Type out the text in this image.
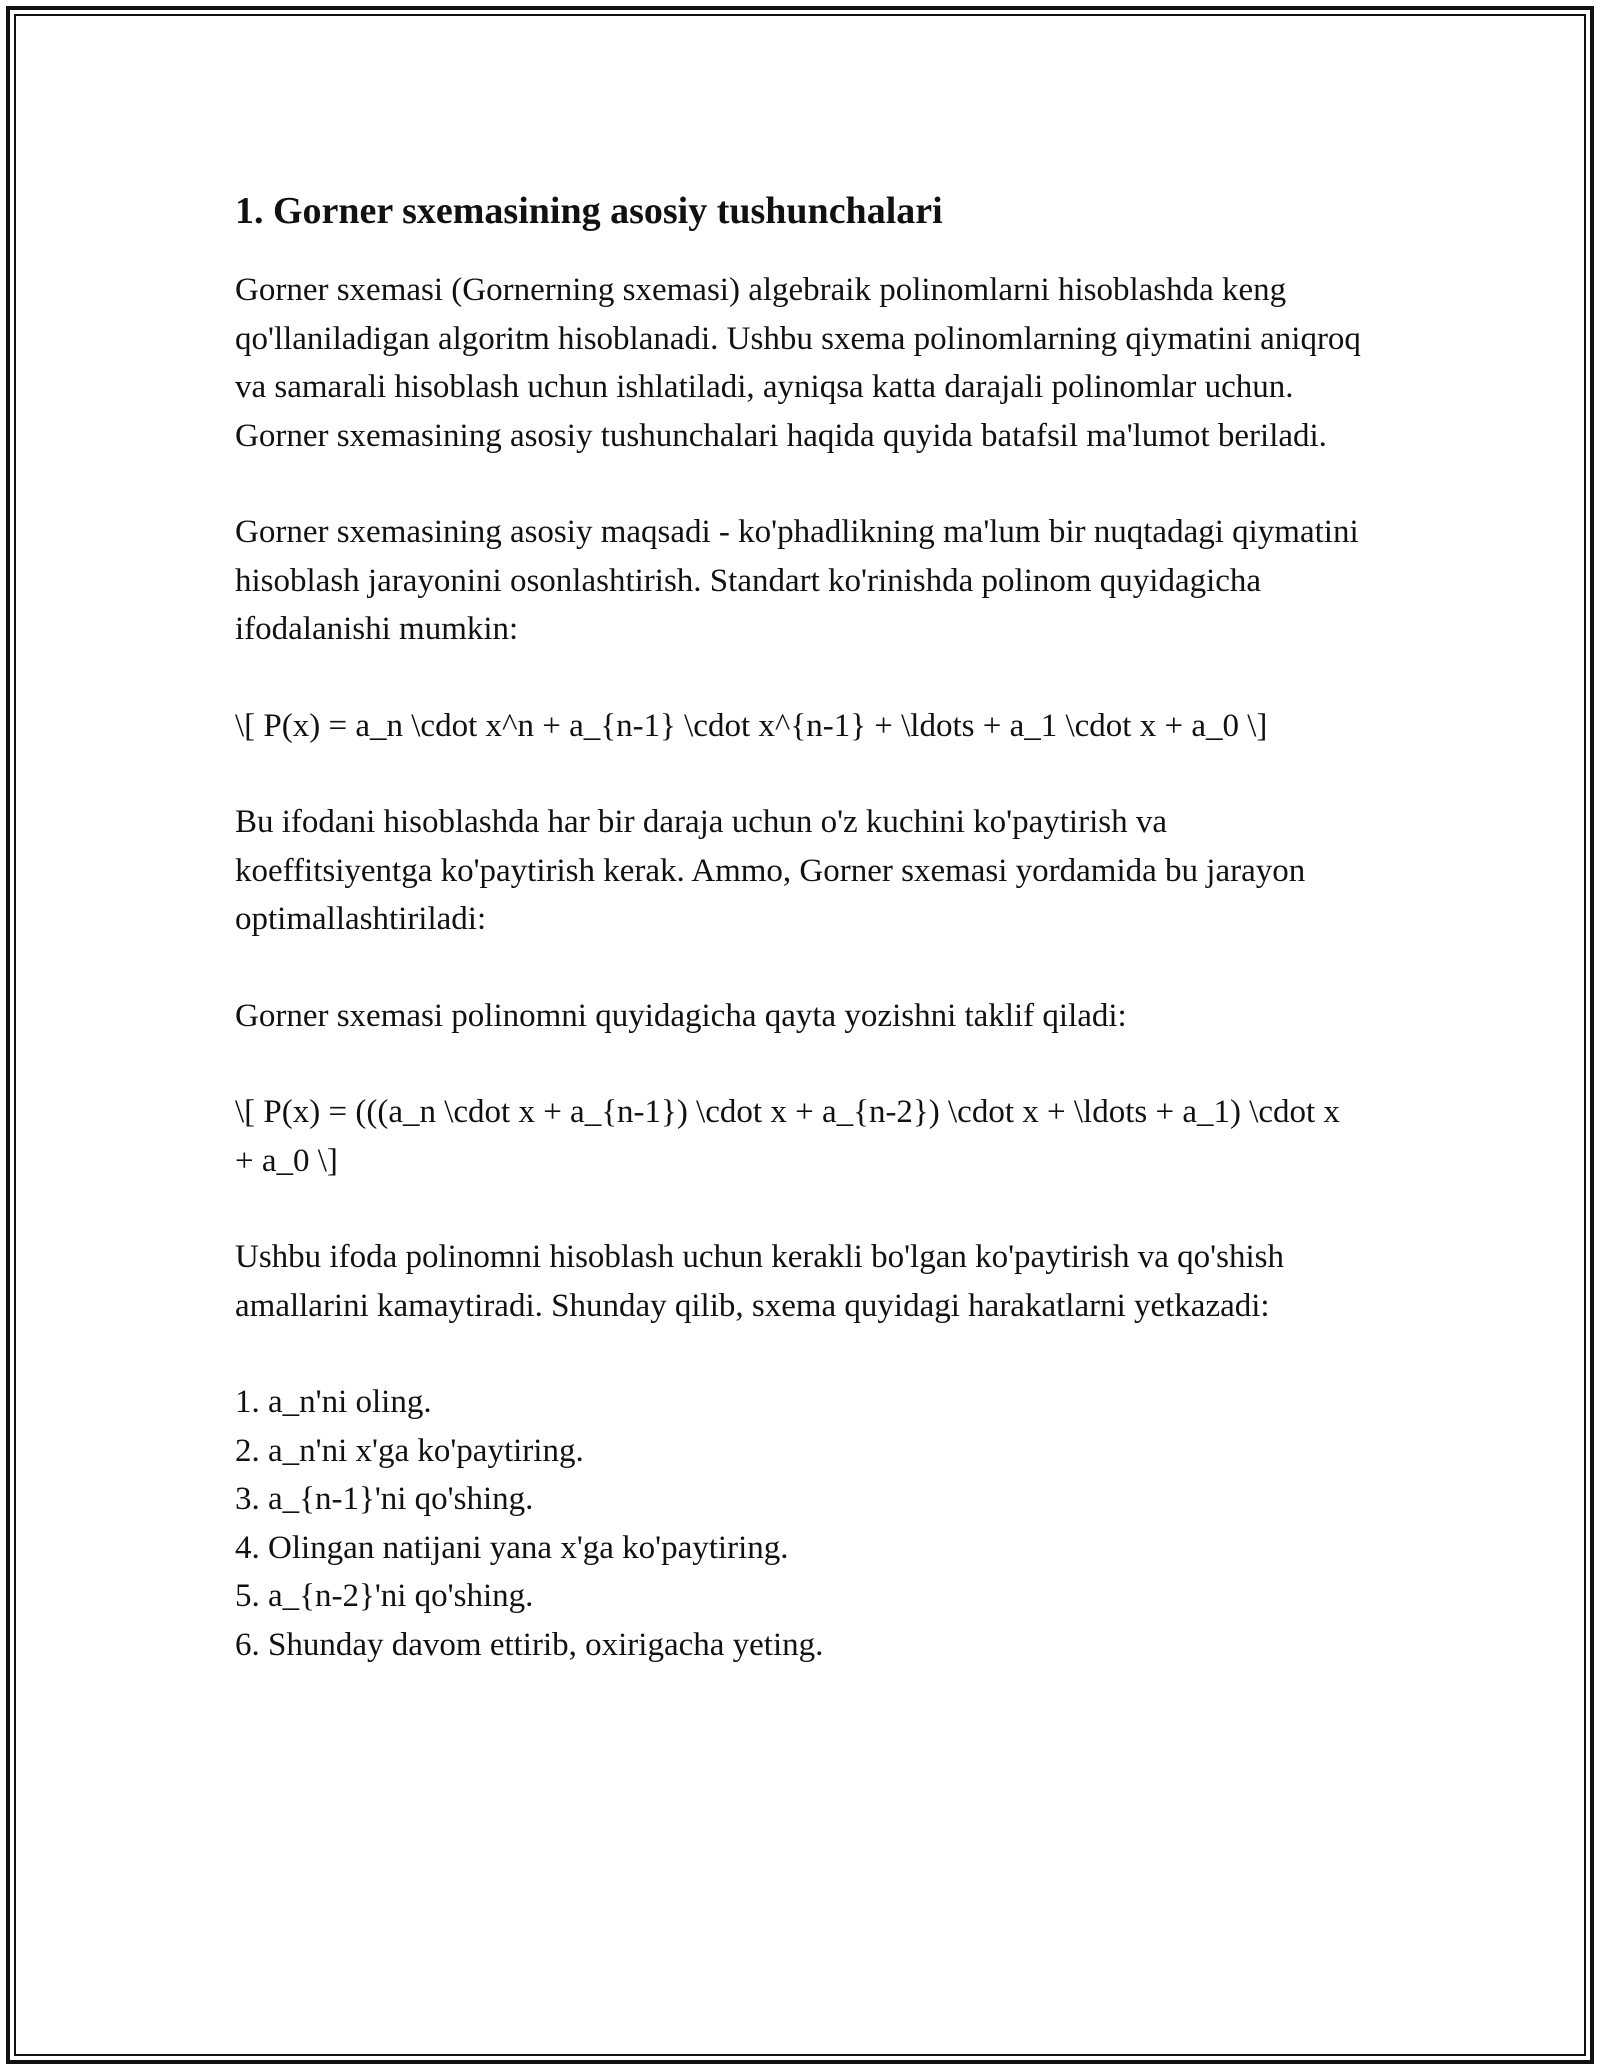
1. Gorner sxemasining asosiy tushunchalari

Gorner sxemasi (Gornerning sxemasi) algebraik polinomlarni hisoblashda keng qo'llaniladigan algoritm hisoblanadi. Ushbu sxema polinomlarning qiymatini aniqroq va samarali hisoblash uchun ishlatiladi, ayniqsa katta darajali polinomlar uchun. Gorner sxemasining asosiy tushunchalari haqida quyida batafsil ma'lumot beriladi.

Gorner sxemasining asosiy maqsadi - ko'phadlikning ma'lum bir nuqtadagi qiymatini hisoblash jarayonini osonlashtirish. Standart ko'rinishda polinom quyidagicha ifodalanishi mumkin:

\[ P(x) = a_n \cdot x^n + a_{n-1} \cdot x^{n-1} + \ldots + a_1 \cdot x + a_0 \]

Bu ifodani hisoblashda har bir daraja uchun o'z kuchini ko'paytirish va koeffitsiyentga ko'paytirish kerak. Ammo, Gorner sxemasi yordamida bu jarayon optimallashtiriladi:

Gorner sxemasi polinomni quyidagicha qayta yozishni taklif qiladi:

\[ P(x) = (((a_n \cdot x + a_{n-1}) \cdot x + a_{n-2}) \cdot x + \ldots + a_1) \cdot x + a_0 \]

Ushbu ifoda polinomni hisoblash uchun kerakli bo'lgan ko'paytirish va qo'shish amallarini kamaytiradi. Shunday qilib, sxema quyidagi harakatlarni yetkazadi:

1. a_n'ni oling.
2. a_n'ni x'ga ko'paytiring.
3. a_{n-1}'ni qo'shing.
4. Olingan natijani yana x'ga ko'paytiring.
5. a_{n-2}'ni qo'shing.
6. Shunday davom ettirib, oxirigacha yeting.
